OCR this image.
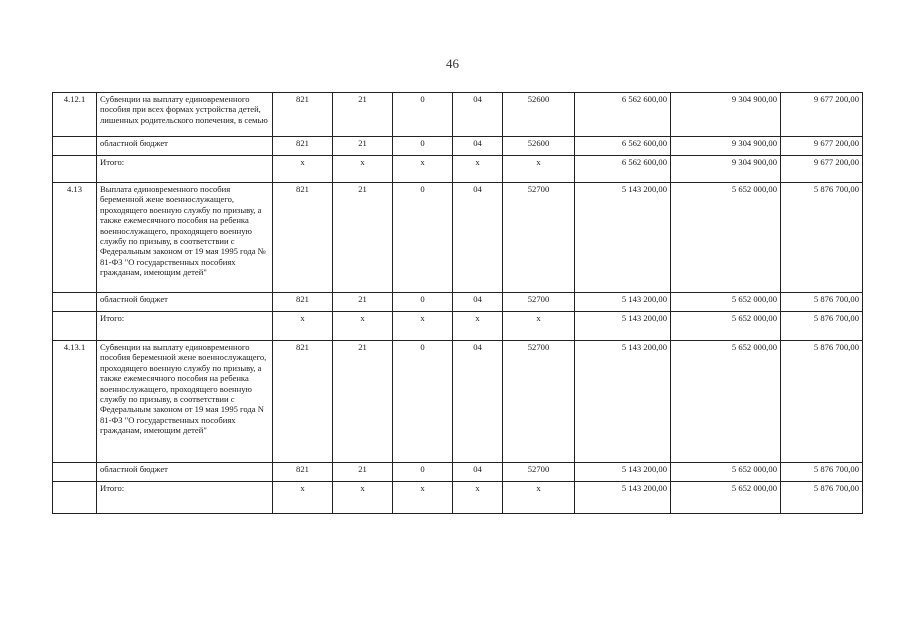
46
4.12.1	Субвенции на выплату единовременного пособия при всех формах устройства детей, лишенных родительского попечения, в семью	821	21	0	04	52600	6 562 600,00	9 304 900,00	9 677 200,00
	областной бюджет	821	21	0	04	52600	6 562 600,00	9 304 900,00	9 677 200,00
	Итого:	x	x	x	x	x	6 562 600,00	9 304 900,00	9 677 200,00
4.13	Выплата единовременного пособия беременной жене военнослужащего, проходящего военную службу по призыву, а также ежемесячного пособия на ребенка военнослужащего, проходящего военную службу по призыву, в соответствии с Федеральным законом от 19 мая 1995 года № 81-ФЗ "О государственных пособиях гражданам, имеющим детей"	821	21	0	04	52700	5 143 200,00	5 652 000,00	5 876 700,00
	областной бюджет	821	21	0	04	52700	5 143 200,00	5 652 000,00	5 876 700,00
	Итого:	x	x	x	x	x	5 143 200,00	5 652 000,00	5 876 700,00
4.13.1	Субвенции на выплату единовременного пособия беременной жене военнослужащего, проходящего военную службу по призыву, а также ежемесячного пособия на ребенка военнослужащего, проходящего военную службу по призыву, в соответствии с Федеральным законом от 19 мая 1995 года N 81-ФЗ "О государственных пособиях гражданам, имеющим детей"	821	21	0	04	52700	5 143 200,00	5 652 000,00	5 876 700,00
	областной бюджет	821	21	0	04	52700	5 143 200,00	5 652 000,00	5 876 700,00
	Итого:	x	x	x	x	x	5 143 200,00	5 652 000,00	5 876 700,00
